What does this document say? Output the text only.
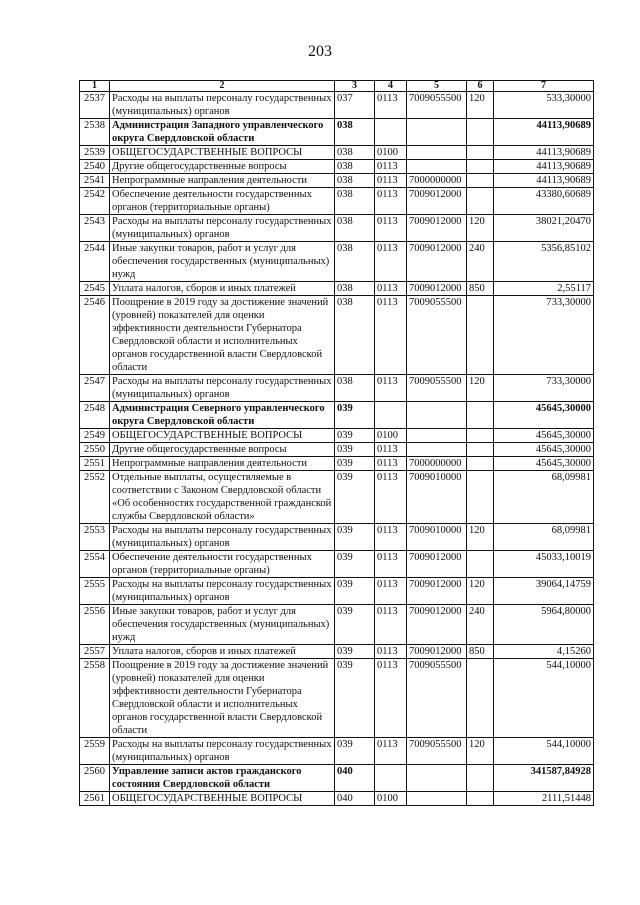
203
1	2	3	4	5	6	7
2537	Расходы на выплаты персоналу государственных (муниципальных) органов	037	0113	7009055500	120	533,30000
2538	Администрация Западного управленческого округа Свердловской области	038				44113,90689
2539	ОБЩЕГОСУДАРСТВЕННЫЕ ВОПРОСЫ	038	0100			44113,90689
2540	Другие общегосударственные вопросы	038	0113			44113,90689
2541	Непрограммные направления деятельности	038	0113	7000000000		44113,90689
2542	Обеспечение деятельности государственных органов (территориальные органы)	038	0113	7009012000		43380,60689
2543	Расходы на выплаты персоналу государственных (муниципальных) органов	038	0113	7009012000	120	38021,20470
2544	Иные закупки товаров, работ и услуг для обеспечения государственных (муниципальных) нужд	038	0113	7009012000	240	5356,85102
2545	Уплата налогов, сборов и иных платежей	038	0113	7009012000	850	2,55117
2546	Поощрение в 2019 году за достижение значений (уровней) показателей для оценки эффективности деятельности Губернатора Свердловской области и исполнительных органов государственной власти Свердловской области	038	0113	7009055500		733,30000
2547	Расходы на выплаты персоналу государственных (муниципальных) органов	038	0113	7009055500	120	733,30000
2548	Администрация Северного управленческого округа Свердловской области	039				45645,30000
2549	ОБЩЕГОСУДАРСТВЕННЫЕ ВОПРОСЫ	039	0100			45645,30000
2550	Другие общегосударственные вопросы	039	0113			45645,30000
2551	Непрограммные направления деятельности	039	0113	7000000000		45645,30000
2552	Отдельные выплаты, осуществляемые в соответствии с Законом Свердловской области «Об особенностях государственной гражданской службы Свердловской области»	039	0113	7009010000		68,09981
2553	Расходы на выплаты персоналу государственных (муниципальных) органов	039	0113	7009010000	120	68,09981
2554	Обеспечение деятельности государственных органов (территориальные органы)	039	0113	7009012000		45033,10019
2555	Расходы на выплаты персоналу государственных (муниципальных) органов	039	0113	7009012000	120	39064,14759
2556	Иные закупки товаров, работ и услуг для обеспечения государственных (муниципальных) нужд	039	0113	7009012000	240	5964,80000
2557	Уплата налогов, сборов и иных платежей	039	0113	7009012000	850	4,15260
2558	Поощрение в 2019 году за достижение значений (уровней) показателей для оценки эффективности деятельности Губернатора Свердловской области и исполнительных органов государственной власти Свердловской области	039	0113	7009055500		544,10000
2559	Расходы на выплаты персоналу государственных (муниципальных) органов	039	0113	7009055500	120	544,10000
2560	Управление записи актов гражданского состояния Свердловской области	040				341587,84928
2561	ОБЩЕГОСУДАРСТВЕННЫЕ ВОПРОСЫ	040	0100			2111,51448
